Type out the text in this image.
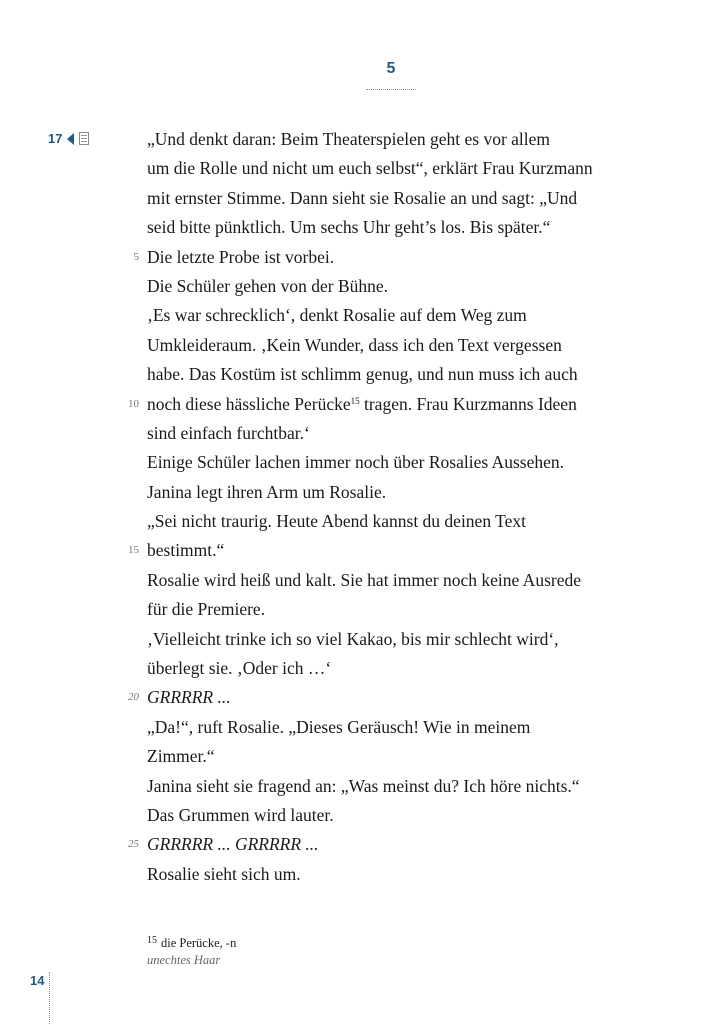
5
17	„Und denkt daran: Beim Theaterspielen geht es vor allem
um die Rolle und nicht um euch selbst“, erklärt Frau Kurzmann
mit ernster Stimme. Dann sieht sie Rosalie an und sagt: „Und
seid bitte pünktlich. Um sechs Uhr geht’s los. Bis später.“
5 Die letzte Probe ist vorbei.
Die Schüler gehen von der Bühne.
‚Es war schrecklich‘, denkt Rosalie auf dem Weg zum
Umkleideraum. ‚Kein Wunder, dass ich den Text vergessen
habe. Das Kostüm ist schlimm genug, und nun muss ich auch
10 noch diese hässliche Perücke$^{15}$ tragen. Frau Kurzmanns Ideen
sind einfach furchtbar.‘
Einige Schüler lachen immer noch über Rosalies Aussehen.
Janina legt ihren Arm um Rosalie.
„Sei nicht traurig. Heute Abend kannst du deinen Text
15 bestimmt.“
Rosalie wird heiß und kalt. Sie hat immer noch keine Ausrede
für die Premiere.
‚Vielleicht trinke ich so viel Kakao, bis mir schlecht wird‘,
überlegt sie. ‚Oder ich …‘
20 GRRRRR ...
„Da!“, ruft Rosalie. „Dieses Geräusch! Wie in meinem
Zimmer.“
Janina sieht sie fragend an: „Was meinst du? Ich höre nichts.“
Das Grummen wird lauter.
25 GRRRRR ... GRRRRR ...
Rosalie sieht sich um.
$^{15}$ die Perücke, -n
unechtes Haar
14
